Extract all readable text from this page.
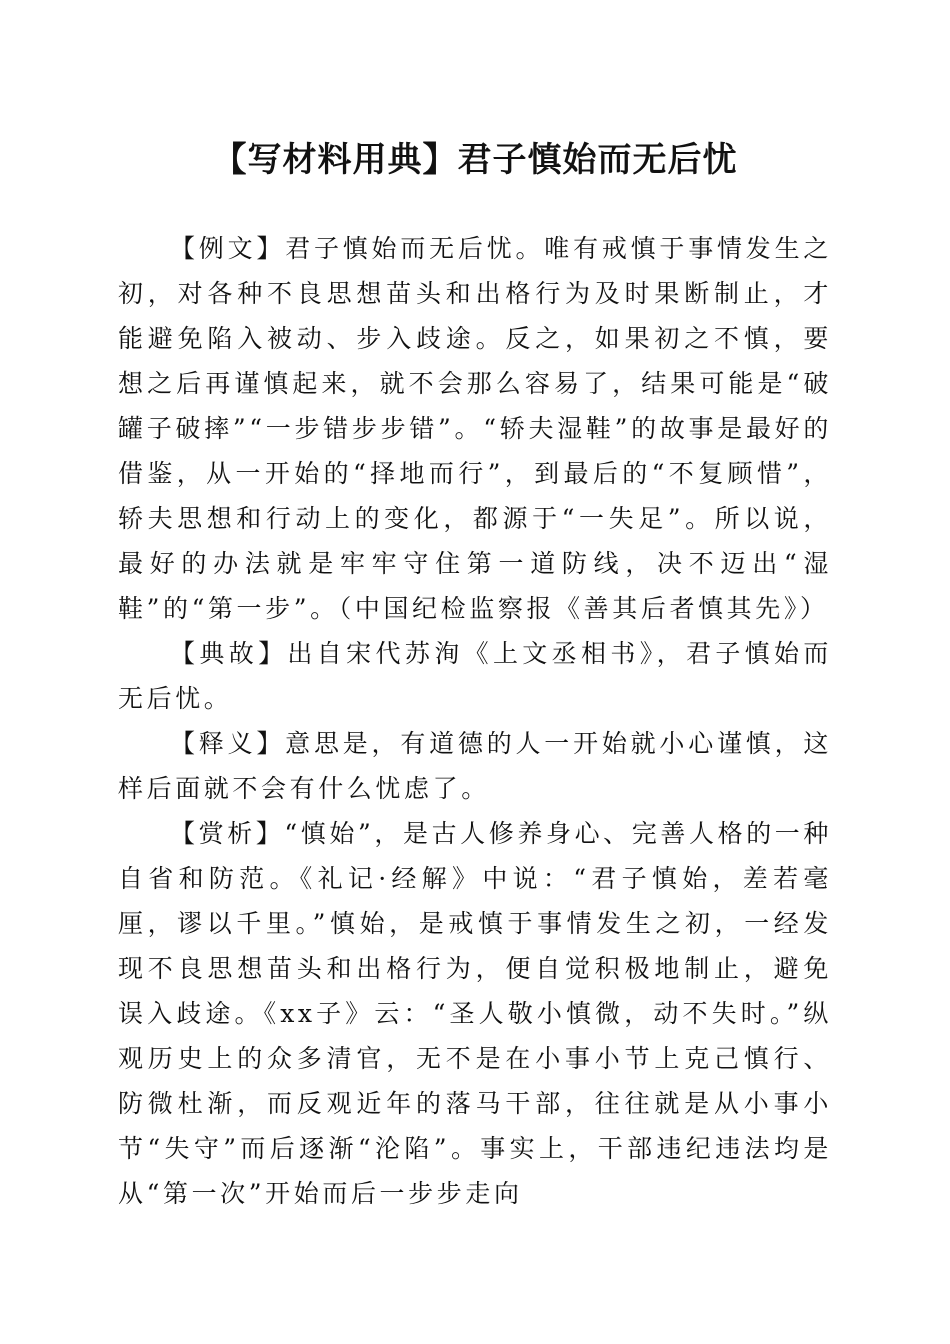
【写材料用典】君子慎始而无后忧

【例文】君子慎始而无后忧。唯有戒慎于事情发生之初，对各种不良思想苗头和出格行为及时果断制止，才能避免陷入被动、步入歧途。反之，如果初之不慎，要想之后再谨慎起来，就不会那么容易了，结果可能是“破罐子破摔”“一步错步步错”。“轿夫湿鞋”的故事是最好的借鉴，从一开始的“择地而行”，到最后的“不复顾惜”，轿夫思想和行动上的变化，都源于“一失足”。所以说，最好的办法就是牢牢守住第一道防线，决不迈出“湿鞋”的“第一步”。（中国纪检监察报《善其后者慎其先》）

【典故】出自宋代苏洵《上文丞相书》，君子慎始而无后忧。

【释义】意思是，有道德的人一开始就小心谨慎，这样后面就不会有什么忧虑了。

【赏析】“慎始”，是古人修养身心、完善人格的一种自省和防范。《礼记·经解》中说：“君子慎始，差若毫厘，谬以千里。”慎始，是戒慎于事情发生之初，一经发现不良思想苗头和出格行为，便自觉积极地制止，避免误入歧途。《xx子》云：“圣人敬小慎微，动不失时。”纵观历史上的众多清官，无不是在小事小节上克己慎行、防微杜渐，而反观近年的落马干部，往往就是从小事小节“失守”而后逐渐“沦陷”。事实上，干部违纪违法均是从“第一次”开始而后一步步走向
